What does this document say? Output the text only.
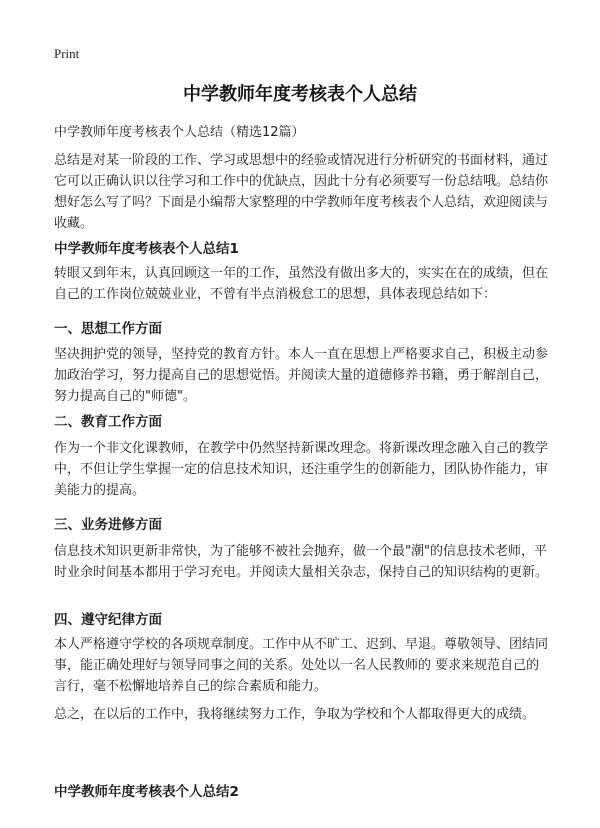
Print
中学教师年度考核表个人总结

中学教师年度考核表个人总结（精选12篇）

总结是对某一阶段的工作、学习或思想中的经验或情况进行分析研究的书面材料，通过它可以正确认识以往学习和工作中的优缺点，因此十分有必须要写一份总结哦。总结你想好怎么写了吗？下面是小编帮大家整理的中学教师年度考核表个人总结，欢迎阅读与收藏。

中学教师年度考核表个人总结1

转眼又到年末，认真回顾这一年的工作，虽然没有做出多大的，实实在在的成绩，但在自己的工作岗位兢兢业业，不曾有半点消极怠工的思想，具体表现总结如下：

一、思想工作方面

坚决拥护党的领导，坚持党的教育方针。本人一直在思想上严格要求自己，积极主动参加政治学习，努力提高自己的思想觉悟。并阅读大量的道德修养书籍，勇于解剖自己，努力提高自己的"师德"。

二、教育工作方面

作为一个非文化课教师，在教学中仍然坚持新课改理念。将新课改理念融入自己的教学中，不但让学生掌握一定的信息技术知识，还注重学生的创新能力，团队协作能力，审美能力的提高。

三、业务进修方面

信息技术知识更新非常快，为了能够不被社会抛弃，做一个最"潮"的信息技术老师，平时业余时间基本都用于学习充电。并阅读大量相关杂志，保持自己的知识结构的更新。

四、遵守纪律方面

本人严格遵守学校的各项规章制度。工作中从不旷工、迟到、早退。尊敬领导、团结同事，能正确处理好与领导同事之间的关系。处处以一名人民教师的 要求来规范自己的言行，毫不松懈地培养自己的综合素质和能力。

总之，在以后的工作中，我将继续努力工作，争取为学校和个人都取得更大的成绩。

中学教师年度考核表个人总结2
